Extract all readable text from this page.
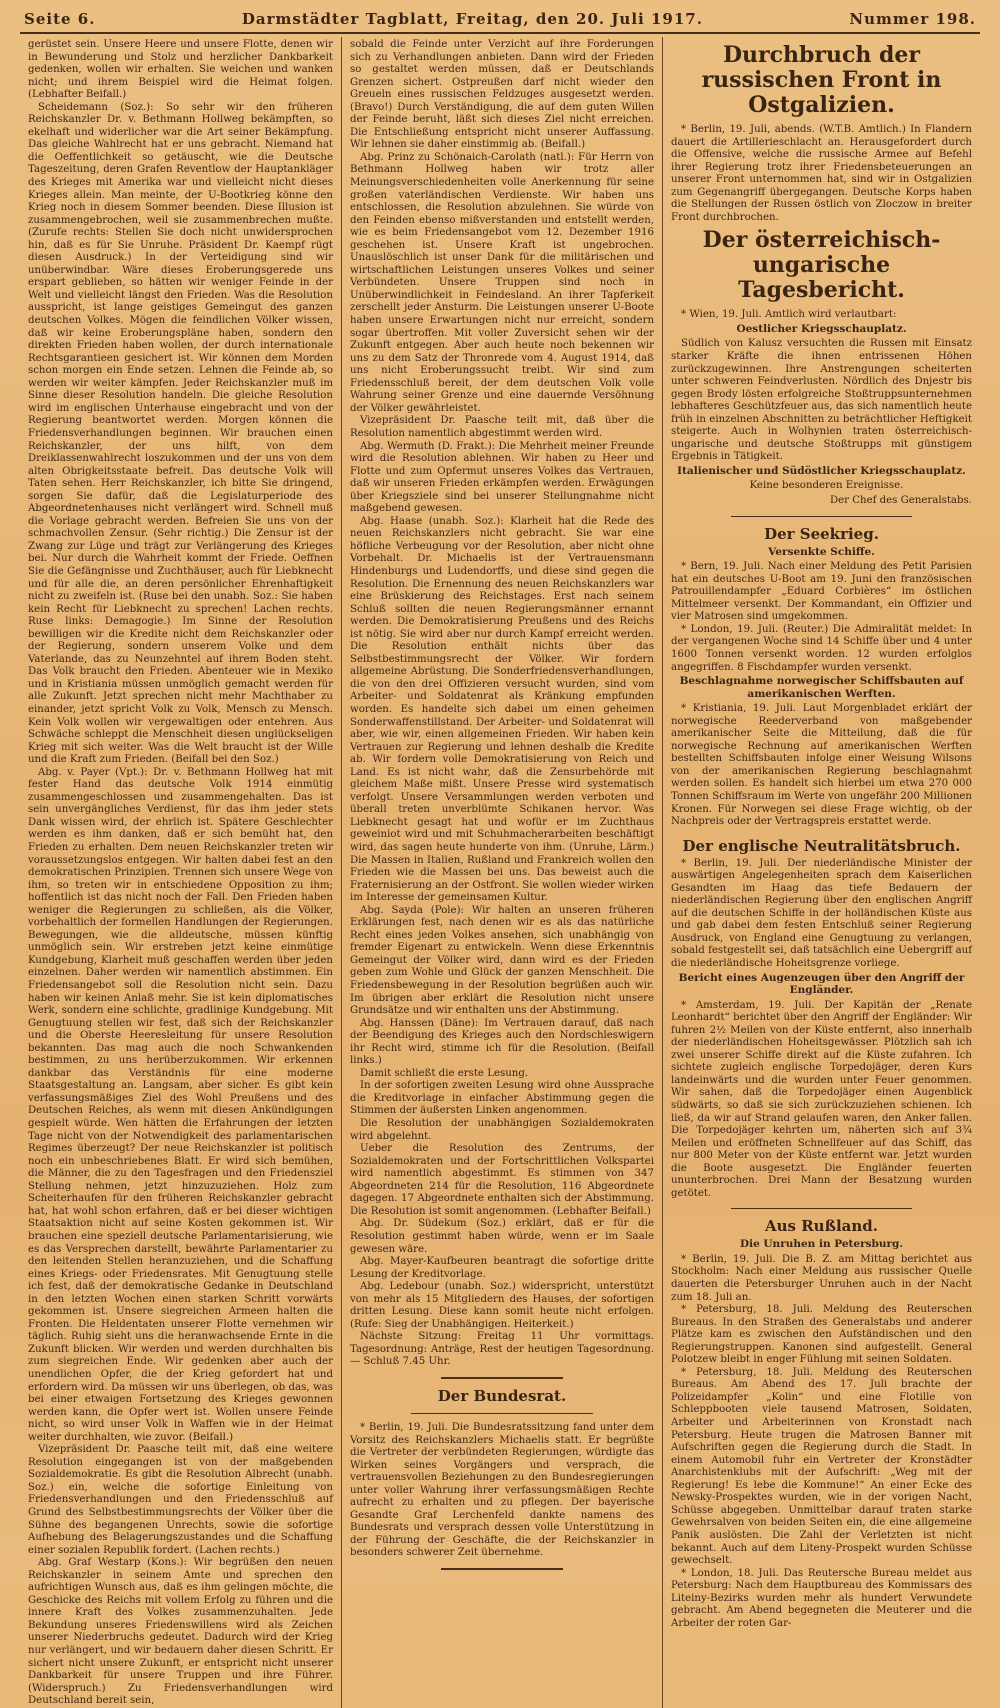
Seite 6.	Darmstädter Tagblatt, Freitag, den 20. Juli 1917.	Nummer 198.

gerüstet sein. Unsere Heere und unsere Flotte, denen wir in Bewunderung und Stolz und herzlicher Dankbarkeit gedenken, wollen wir erhalten. Sie weichen und wanken nicht; und ihrem Beispiel wird die Heimat folgen. (Lebhafter Beifall.)

Scheidemann (Soz.): So sehr wir den früheren Reichskanzler Dr. v. Bethmann Hollweg bekämpften, so ekelhaft und widerlicher war die Art seiner Bekämpfung. Das gleiche Wahlrecht hat er uns gebracht. Niemand hat die Oeffentlichkeit so getäuscht, wie die Deutsche Tageszeitung, deren Grafen Reventlow der Hauptankläger des Krieges mit Amerika war und vielleicht nicht dieses Krieges allein. Man meinte, der U-Bootkrieg könne den Krieg noch in diesem Sommer beenden. Diese Illusion ist zusammengebrochen, weil sie zusammenbrechen mußte. (Zurufe rechts: Stellen Sie doch nicht unwidersprochen hin, daß es für Sie Unruhe. Präsident Dr. Kaempf rügt diesen Ausdruck.) In der Verteidigung sind wir unüberwindbar. Wäre dieses Eroberungsgerede uns erspart geblieben, so hätten wir weniger Feinde in der Welt und vielleicht längst den Frieden. Was die Resolution ausspricht, ist lange geistiges Gemeingut des ganzen deutschen Volkes. Mögen die feindlichen Völker wissen, daß wir keine Eroberungspläne haben, sondern den direkten Frieden haben wollen, der durch internationale Rechtsgarantieen gesichert ist. Wir können dem Morden schon morgen ein Ende setzen. Lehnen die Feinde ab, so werden wir weiter kämpfen. Jeder Reichskanzler muß im Sinne dieser Resolution handeln. Die gleiche Resolution wird im englischen Unterhause eingebracht und von der Regierung beantwortet werden. Morgen können die Friedensverhandlungen beginnen. Wir brauchen einen Reichskanzler, der uns hilft, von dem Dreiklassenwahlrecht loszukommen und der uns von dem alten Obrigkeitsstaate befreit. Das deutsche Volk will Taten sehen. Herr Reichskanzler, ich bitte Sie dringend, sorgen Sie dafür, daß die Legislaturperiode des Abgeordnetenhauses nicht verlängert wird. Schnell muß die Vorlage gebracht werden. Befreien Sie uns von der schmachvollen Zensur. (Sehr richtig.) Die Zensur ist der Zwang zur Lüge und trägt zur Verlängerung des Krieges bei. Nur durch die Wahrheit kommt der Friede. Oeffnen Sie die Gefängnisse und Zuchthäuser, auch für Liebknecht und für alle die, an deren persönlicher Ehrenhaftigkeit nicht zu zweifeln ist. (Ruse bei den unabh. Soz.: Sie haben kein Recht für Liebknecht zu sprechen! Lachen rechts. Ruse links: Demagogie.) Im Sinne der Resolution bewilligen wir die Kredite nicht dem Reichskanzler oder der Regierung, sondern unserem Volke und dem Vaterlande, das zu Neunzehntel auf ihrem Boden steht. Das Volk braucht den Frieden. Abenteuer wie in Mexiko und in Kristiania müssen unmöglich gemacht werden für alle Zukunft. Jetzt sprechen nicht mehr Machthaber zu einander, jetzt spricht Volk zu Volk, Mensch zu Mensch. Kein Volk wollen wir vergewaltigen oder entehren. Aus Schwäche schleppt die Menschheit diesen unglückseligen Krieg mit sich weiter. Was die Welt braucht ist der Wille und die Kraft zum Frieden. (Beifall bei den Soz.)

Abg. v. Payer (Vpt.): Dr. v. Bethmann Hollweg hat mit fester Hand das deutsche Volk 1914 einmütig zusammengeschlossen und zusammengehalten. Das ist sein unvergängliches Verdienst, für das ihm jeder stets Dank wissen wird, der ehrlich ist. Spätere Geschlechter werden es ihm danken, daß er sich bemüht hat, den Frieden zu erhalten. Dem neuen Reichskanzler treten wir voraussetzungslos entgegen. Wir halten dabei fest an den demokratischen Prinzipien. Trennen sich unsere Wege von ihm, so treten wir in entschiedene Opposition zu ihm; hoffentlich ist das nicht noch der Fall. Den Frieden haben weniger die Regierungen zu schließen, als die Völker, vorbehaltlich der formellen Handlungen der Regierungen. Bewegungen, wie die alldeutsche, müssen künftig unmöglich sein. Wir erstreben jetzt keine einmütige Kundgebung, Klarheit muß geschaffen werden über jeden einzelnen. Daher werden wir namentlich abstimmen. Ein Friedensangebot soll die Resolution nicht sein. Dazu haben wir keinen Anlaß mehr. Sie ist kein diplomatisches Werk, sondern eine schlichte, gradlinige Kundgebung. Mit Genugtuung stellen wir fest, daß sich der Reichskanzler und die Oberste Heeresleitung für unsere Resolution bekannten. Das mag auch die noch Schwankenden bestimmen, zu uns herüberzukommen. Wir erkennen dankbar das Verständnis für eine moderne Staatsgestaltung an. Langsam, aber sicher. Es gibt kein verfassungsmäßiges Ziel des Wohl Preußens und des Deutschen Reiches, als wenn mit diesen Ankündigungen gespielt würde. Wen hätten die Erfahrungen der letzten Tage nicht von der Notwendigkeit des parlamentarischen Regimes überzeugt? Der neue Reichskanzler ist politisch noch ein unbeschriebenes Blatt. Er wird sich bemühen, die Männer, die zu den Tagesfragen und den Friedensziel Stellung nehmen, jetzt hinzuzuziehen. Holz zum Scheiterhaufen für den früheren Reichskanzler gebracht hat, hat wohl schon erfahren, daß er bei dieser wichtigen Staatsaktion nicht auf seine Kosten gekommen ist. Wir brauchen eine speziell deutsche Parlamentarisierung, wie es das Versprechen darstellt, bewährte Parlamentarier zu den leitenden Stellen heranzuziehen, und die Schaffung eines Kriegs- oder Friedensrates. Mit Genugtuung stelle ich fest, daß der demokratische Gedanke in Deutschland in den letzten Wochen einen starken Schritt vorwärts gekommen ist. Unsere siegreichen Armeen halten die Fronten. Die Heldentaten unserer Flotte vernehmen wir täglich. Ruhig sieht uns die heranwachsende Ernte in die Zukunft blicken. Wir werden und werden durchhalten bis zum siegreichen Ende. Wir gedenken aber auch der unendlichen Opfer, die der Krieg gefordert hat und erfordern wird. Da müssen wir uns überlegen, ob das, was bei einer etwaigen Fortsetzung des Krieges gewonnen werden kann, die Opfer wert ist. Wollen unsere Feinde nicht, so wird unser Volk in Waffen wie in der Heimat weiter durchhalten, wie zuvor. (Beifall.)

Vizepräsident Dr. Paasche teilt mit, daß eine weitere Resolution eingegangen ist von der maßgebenden Sozialdemokratie. Es gibt die Resolution Albrecht (unabh. Soz.) ein, welche die sofortige Einleitung von Friedensverhandlungen und den Friedensschluß auf Grund des Selbstbestimmungsrechts der Völker über die Sühne des begangenen Unrechts, sowie die sofortige Aufhebung des Belagerungszustandes und die Schaffung einer sozialen Republik fordert. (Lachen rechts.)

Abg. Graf Westarp (Kons.): Wir begrüßen den neuen Reichskanzler in seinem Amte und sprechen den aufrichtigen Wunsch aus, daß es ihm gelingen möchte, die Geschicke des Reichs mit vollem Erfolg zu führen und die innere Kraft des Volkes zusammenzuhalten. Jede Bekundung unseres Friedenswillens wird als Zeichen unserer Niederbruchs gedeutet. Dadurch wird der Krieg nur verlängert, und wir bedauern daher diesen Schritt. Er sichert nicht unsere Zukunft, er entspricht nicht unserer Dankbarkeit für unsere Truppen und ihre Führer. (Widerspruch.) Zu Friedensverhandlungen wird Deutschland bereit sein,

sobald die Feinde unter Verzicht auf ihre Forderungen sich zu Verhandlungen anbieten. Dann wird der Frieden so gestaltet werden müssen, daß er Deutschlands Grenzen sichert. Ostpreußen darf nicht wieder den Greueln eines russischen Feldzuges ausgesetzt werden. (Bravo!) Durch Verständigung, die auf dem guten Willen der Feinde beruht, läßt sich dieses Ziel nicht erreichen. Die Entschließung entspricht nicht unserer Auffassung. Wir lehnen sie daher einstimmig ab. (Beifall.)

Abg. Prinz zu Schönaich-Carolath (natl.): Für Herrn von Bethmann Hollweg haben wir trotz aller Meinungsverschiedenheiten volle Anerkennung für seine großen vaterländischen Verdienste. Wir haben uns entschlossen, die Resolution abzulehnen. Sie würde von den Feinden ebenso mißverstanden und entstellt werden, wie es beim Friedensangebot vom 12. Dezember 1916 geschehen ist. Unsere Kraft ist ungebrochen. Unauslöschlich ist unser Dank für die militärischen und wirtschaftlichen Leistungen unseres Volkes und seiner Verbündeten. Unsere Truppen sind noch in Unüberwindlichkeit in Feindesland. An ihrer Tapferkeit zerschellt jeder Ansturm. Die Leistungen unserer U-Boote haben unsere Erwartungen nicht nur erreicht, sondern sogar übertroffen. Mit voller Zuversicht sehen wir der Zukunft entgegen. Aber auch heute noch bekennen wir uns zu dem Satz der Thronrede vom 4. August 1914, daß uns nicht Eroberungssucht treibt. Wir sind zum Friedensschluß bereit, der dem deutschen Volk volle Wahrung seiner Grenze und eine dauernde Versöhnung der Völker gewährleistet.

Vizepräsident Dr. Paasche teilt mit, daß über die Resolution namentlich abgestimmt werden wird.

Abg. Wermuth (D. Frakt.): Die Mehrheit meiner Freunde wird die Resolution ablehnen. Wir haben zu Heer und Flotte und zum Opfermut unseres Volkes das Vertrauen, daß wir unseren Frieden erkämpfen werden. Erwägungen über Kriegsziele sind bei unserer Stellungnahme nicht maßgebend gewesen.

Abg. Haase (unabh. Soz.): Klarheit hat die Rede des neuen Reichskanzlers nicht gebracht. Sie war eine höfliche Verbeugung vor der Resolution, aber nicht ohne Vorbehalt. Dr. Michaelis ist der Vertrauensmann Hindenburgs und Ludendorffs, und diese sind gegen die Resolution. Die Ernennung des neuen Reichskanzlers war eine Brüskierung des Reichstages. Erst nach seinem Schluß sollten die neuen Regierungsmänner ernannt werden. Die Demokratisierung Preußens und des Reichs ist nötig. Sie wird aber nur durch Kampf erreicht werden. Die Resolution enthält nichts über das Selbstbestimmungsrecht der Völker. Wir fordern allgemeine Abrüstung. Die Sonderfriedensverhandlungen, die von den drei Offizieren versucht wurden, sind vom Arbeiter- und Soldatenrat als Kränkung empfunden worden. Es handelte sich dabei um einen geheimen Sonderwaffenstillstand. Der Arbeiter- und Soldatenrat will aber, wie wir, einen allgemeinen Frieden. Wir haben kein Vertrauen zur Regierung und lehnen deshalb die Kredite ab. Wir fordern volle Demokratisierung von Reich und Land. Es ist nicht wahr, daß die Zensurbehörde mit gleichem Maße mißt. Unsere Presse wird systematisch verfolgt. Unsere Versammlungen werden verboten und überall treten unverblümte Schikanen hervor. Was Liebknecht gesagt hat und wofür er im Zuchthaus geweiniot wird und mit Schuhmacherarbeiten beschäftigt wird, das sagen heute hunderte von ihm. (Unruhe, Lärm.) Die Massen in Italien, Rußland und Frankreich wollen den Frieden wie die Massen bei uns. Das beweist auch die Fraternisierung an der Ostfront. Sie wollen wieder wirken im Interesse der gemeinsamen Kultur.

Abg. Sayda (Pole): Wir halten an unseren früheren Erklärungen fest, nach denen wir es als das natürliche Recht eines jeden Volkes ansehen, sich unabhängig von fremder Eigenart zu entwickeln. Wenn diese Erkenntnis Gemeingut der Völker wird, dann wird es der Frieden geben zum Wohle und Glück der ganzen Menschheit. Die Friedensbewegung in der Resolution begrüßen auch wir. Im übrigen aber erklärt die Resolution nicht unsere Grundsätze und wir enthalten uns der Abstimmung.

Abg. Hanssen (Däne): Im Vertrauen darauf, daß nach der Beendigung des Krieges auch den Nordschleswigern ihr Recht wird, stimme ich für die Resolution. (Beifall links.)

Damit schließt die erste Lesung.

In der sofortigen zweiten Lesung wird ohne Aussprache die Kreditvorlage in einfacher Abstimmung gegen die Stimmen der äußersten Linken angenommen.

Die Resolution der unabhängigen Sozialdemokraten wird abgelehnt.

Ueber die Resolution des Zentrums, der Sozialdemokraten und der Fortschrittlichen Volkspartei wird namentlich abgestimmt. Es stimmen von 347 Abgeordneten 214 für die Resolution, 116 Abgeordnete dagegen. 17 Abgeordnete enthalten sich der Abstimmung. Die Resolution ist somit angenommen. (Lebhafter Beifall.)

Abg. Dr. Südekum (Soz.) erklärt, daß er für die Resolution gestimmt haben würde, wenn er im Saale gewesen wäre.

Abg. Mayer-Kaufbeuren beantragt die sofortige dritte Lesung der Kreditvorlage.

Abg. Ledebour (unabh. Soz.) widerspricht, unterstützt von mehr als 15 Mitgliedern des Hauses, der sofortigen dritten Lesung. Diese kann somit heute nicht erfolgen. (Rufe: Sieg der Unabhängigen. Heiterkeit.)

Nächste Sitzung: Freitag 11 Uhr vormittags. Tagesordnung: Anträge, Rest der heutigen Tagesordnung. — Schluß 7.45 Uhr.

Der Bundesrat.

* Berlin, 19. Juli. Die Bundesratssitzung fand unter dem Vorsitz des Reichskanzlers Michaelis statt. Er begrüßte die Vertreter der verbündeten Regierungen, würdigte das Wirken seines Vorgängers und versprach, die vertrauensvollen Beziehungen zu den Bundesregierungen unter voller Wahrung ihrer verfassungsmäßigen Rechte aufrecht zu erhalten und zu pflegen. Der bayerische Gesandte Graf Lerchenfeld dankte namens des Bundesrats und versprach dessen volle Unterstützung in der Führung der Geschäfte, die der Reichskanzler in besonders schwerer Zeit übernehme.

Durchbruch der russischen Front in Ostgalizien.

* Berlin, 19. Juli, abends. (W.T.B. Amtlich.) In Flandern dauert die Artillerieschlacht an. Herausgefordert durch die Offensive, welche die russische Armee auf Befehl ihrer Regierung trotz ihrer Friedensbeteuerungen an unserer Front unternommen hat, sind wir in Ostgalizien zum Gegenangriff übergegangen. Deutsche Korps haben die Stellungen der Russen östlich von Zloczow in breiter Front durchbrochen.

Der österreichisch-ungarische Tagesbericht.

* Wien, 19. Juli. Amtlich wird verlautbart:

Oestlicher Kriegsschauplatz.

Südlich von Kalusz versuchten die Russen mit Einsatz starker Kräfte die ihnen entrissenen Höhen zurückzugewinnen. Ihre Anstrengungen scheiterten unter schweren Feindverlusten. Nördlich des Dnjestr bis gegen Brody lösten erfolgreiche Stoßtruppsunternehmen lebhafteres Geschützfeuer aus, das sich namentlich heute früh in einzelnen Abschnitten zu beträchtlicher Heftigkeit steigerte. Auch in Wolhynien traten österreichisch-ungarische und deutsche Stoßtrupps mit günstigem Ergebnis in Tätigkeit.

Italienischer und Südöstlicher Kriegsschauplatz.

Keine besonderen Ereignisse.

Der Chef des Generalstabs.
Der Seekrieg.
Versenkte Schiffe.

* Bern, 19. Juli. Nach einer Meldung des Petit Parisien hat ein deutsches U-Boot am 19. Juni den französischen Patrouillendampfer „Eduard Corbières“ im östlichen Mittelmeer versenkt. Der Kommandant, ein Offizier und vier Matrosen sind umgekommen.

* London, 19. Juli. (Reuter.) Die Admiralität meldet: In der vergangenen Woche sind 14 Schiffe über und 4 unter 1600 Tonnen versenkt worden. 12 wurden erfolglos angegriffen. 8 Fischdampfer wurden versenkt.

Beschlagnahme norwegischer Schiffsbauten auf amerikanischen Werften.

* Kristiania, 19. Juli. Laut Morgenbladet erklärt der norwegische Reederverband von maßgebender amerikanischer Seite die Mitteilung, daß die für norwegische Rechnung auf amerikanischen Werften bestellten Schiffsbauten infolge einer Weisung Wilsons von der amerikanischen Regierung beschlagnahmt werden sollen. Es handelt sich hierbei um etwa 270 000 Tonnen Schiffsraum im Werte von ungefähr 200 Millionen Kronen. Für Norwegen sei diese Frage wichtig, ob der Nachpreis oder der Vertragspreis erstattet werde.

Der englische Neutralitätsbruch.

* Berlin, 19. Juli. Der niederländische Minister der auswärtigen Angelegenheiten sprach dem Kaiserlichen Gesandten im Haag das tiefe Bedauern der niederländischen Regierung über den englischen Angriff auf die deutschen Schiffe in der holländischen Küste aus und gab dabei dem festen Entschluß seiner Regierung Ausdruck, von England eine Genugtuung zu verlangen, sobald festgestellt sei, daß tatsächlich eine Uebergriff auf die niederländische Hoheitsgrenze vorliege.

Bericht eines Augenzeugen über den Angriff der Engländer.

* Amsterdam, 19. Juli. Der Kapitän der „Renate Leonhardt“ berichtet über den Angriff der Engländer: Wir fuhren 2½ Meilen von der Küste entfernt, also innerhalb der niederländischen Hoheitsgewässer. Plötzlich sah ich zwei unserer Schiffe direkt auf die Küste zufahren. Ich sichtete zugleich englische Torpedojäger, deren Kurs landeinwärts und die wurden unter Feuer genommen. Wir sahen, daß die Torpedojäger einen Augenblick südwärts, so daß sie sich zurückzuziehen schienen. Ich ließ, da wir auf Strand gelaufen waren, den Anker fallen. Die Torpedojäger kehrten um, näherten sich auf 3¾ Meilen und eröffneten Schnellfeuer auf das Schiff, das nur 800 Meter von der Küste entfernt war. Jetzt wurden die Boote ausgesetzt. Die Engländer feuerten ununterbrochen. Drei Mann der Besatzung wurden getötet.

Aus Rußland.
Die Unruhen in Petersburg.

* Berlin, 19. Juli. Die B. Z. am Mittag berichtet aus Stockholm: Nach einer Meldung aus russischer Quelle dauerten die Petersburger Unruhen auch in der Nacht zum 18. Juli an.

* Petersburg, 18. Juli. Meldung des Reuterschen Bureaus. In den Straßen des Generalstabs und anderer Plätze kam es zwischen den Aufständischen und den Regierungstruppen. Kanonen sind aufgestellt. General Polotzew bleibt in enger Fühlung mit seinen Soldaten.

* Petersburg, 18. Juli. Meldung des Reuterschen Bureaus. Am Abend des 17. Juli brachte der Polizeidampfer „Kolin“ und eine Flotille von Schleppbooten viele tausend Matrosen, Soldaten, Arbeiter und Arbeiterinnen von Kronstadt nach Petersburg. Heute trugen die Matrosen Banner mit Aufschriften gegen die Regierung durch die Stadt. In einem Automobil fuhr ein Vertreter der Kronstädter Anarchistenklubs mit der Aufschrift: „Weg mit der Regierung! Es lebe die Kommune!“ An einer Ecke des Newsky-Prospektes wurden, wie in der vorigen Nacht, Schüsse abgegeben. Unmittelbar darauf traten starke Gewehrsalven von beiden Seiten ein, die eine allgemeine Panik auslösten. Die Zahl der Verletzten ist nicht bekannt. Auch auf dem Liteny-Prospekt wurden Schüsse gewechselt.

* London, 18. Juli. Das Reutersche Bureau meldet aus Petersburg: Nach dem Hauptbureau des Kommissars des Liteiny-Bezirks wurden mehr als hundert Verwundete gebracht. Am Abend begegneten die Meuterer und die Arbeiter der roten Gar-
